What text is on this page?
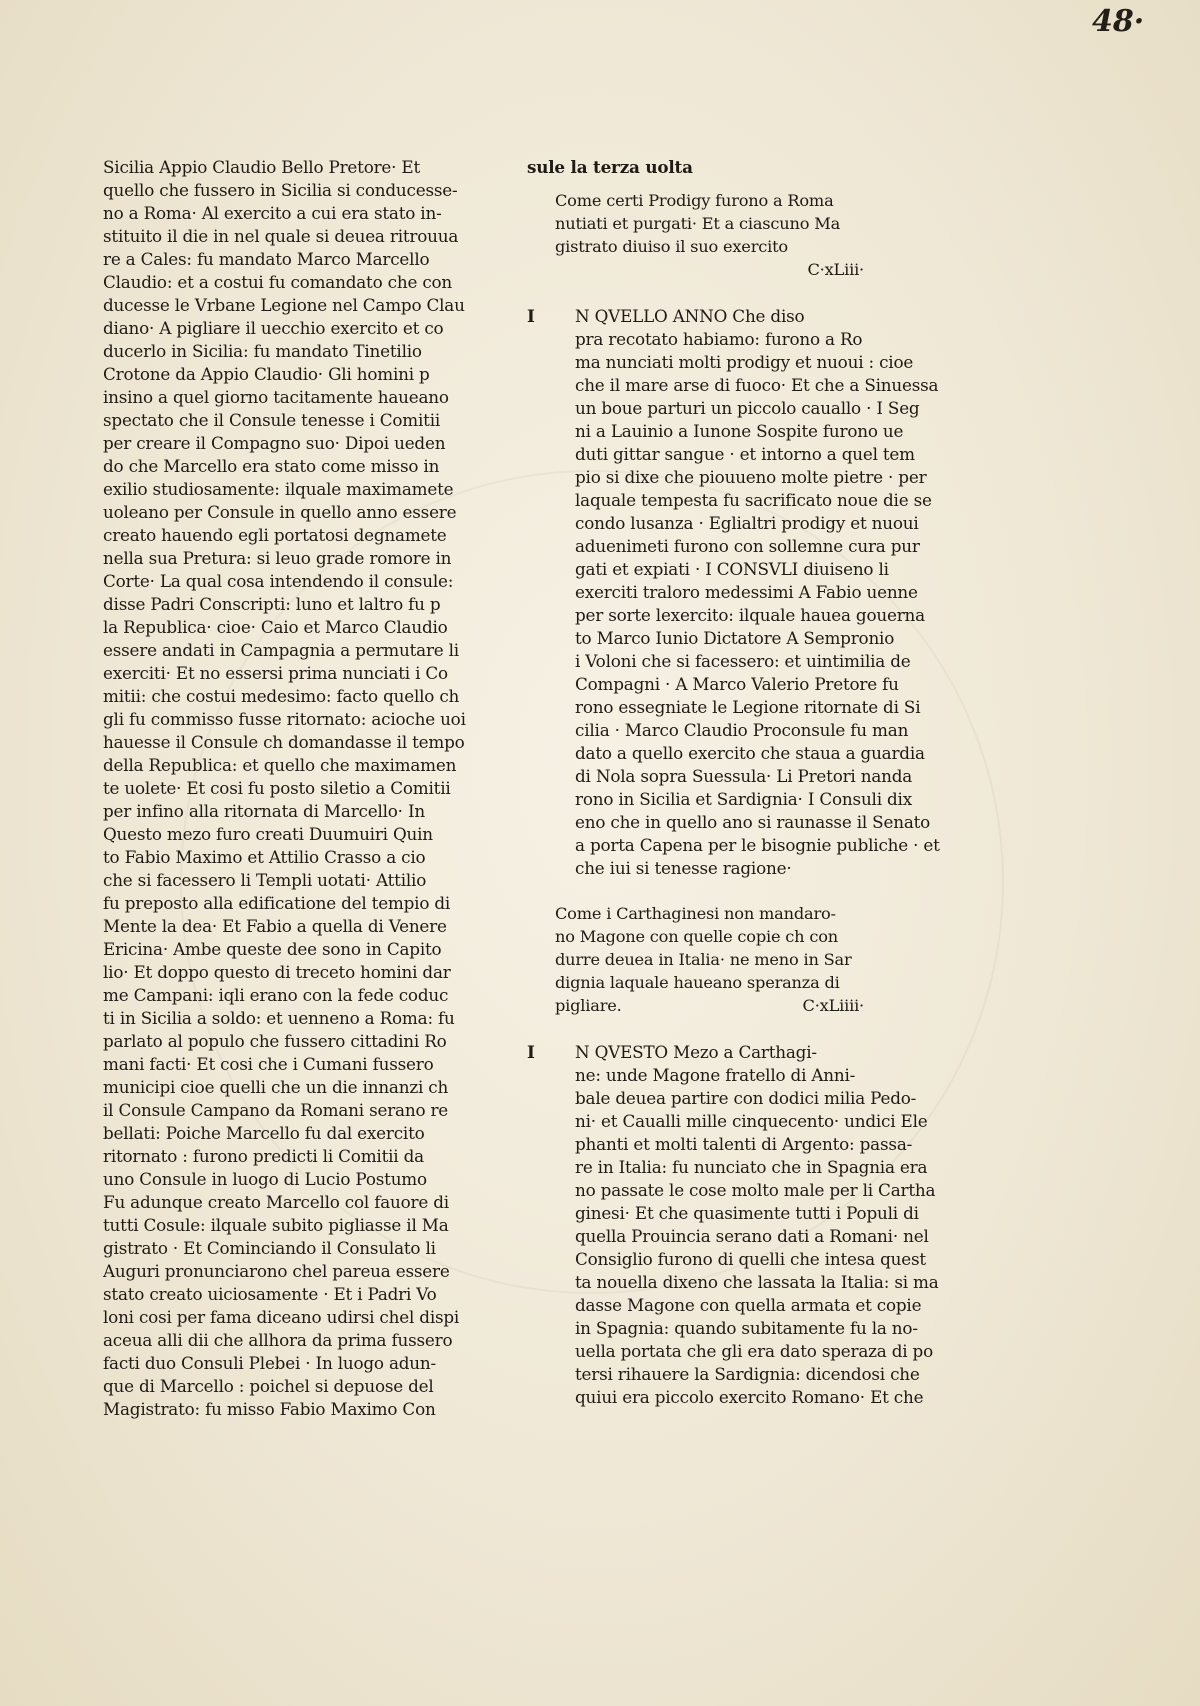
48·
Sicilia Appio Claudio Bello Pretore· Et
quello che fussero in Sicilia si conducesse-
no a Roma· Al exercito a cui era stato in-
stituito il die in nel quale si deuea ritrouua
re a Cales: fu mandato Marco Marcello
Claudio: et a costui fu comandato che con
ducesse le Vrbane Legione nel Campo Clau
diano· A pigliare il uecchio exercito et co
ducerlo in Sicilia: fu mandato Tinetilio
Crotone da Appio Claudio· Gli homini p
insino a quel giorno tacitamente haueano
spectato che il Consule tenesse i Comitii
per creare il Compagno suo· Dipoi ueden
do che Marcello era stato come misso in
exilio studiosamente: ilquale maximamete
uoleano per Consule in quello anno essere
creato hauendo egli portatosi degnamete
nella sua Pretura: si leuo grade romore in
Corte· La qual cosa intendendo il consule:
disse Padri Conscripti: luno et laltro fu p
la Republica· cioe· Caio et Marco Claudio
essere andati in Campagnia a permutare li
exerciti· Et no essersi prima nunciati i Co
mitii: che costui medesimo: facto quello ch
gli fu commisso fusse ritornato: acioche uoi
hauesse il Consule ch domandasse il tempo
della Republica: et quello che maximamen
te uolete· Et cosi fu posto siletio a Comitii
per infino alla ritornata di Marcello· In
Questo mezo furo creati Duumuiri Quin
to Fabio Maximo et Attilio Crasso a cio
che si facessero li Templi uotati· Attilio
fu preposto alla edificatione del tempio di
Mente la dea· Et Fabio a quella di Venere
Ericina· Ambe queste dee sono in Capito
lio· Et doppo questo di treceto homini dar
me Campani: iqli erano con la fede coduc
ti in Sicilia a soldo: et uenneno a Roma: fu
parlato al populo che fussero cittadini Ro
mani facti· Et cosi che i Cumani fussero
municipi cioe quelli che un die innanzi ch
il Consule Campano da Romani serano re
bellati: Poiche Marcello fu dal exercito
ritornato : furono predicti li Comitii da
uno Consule in luogo di Lucio Postumo
Fu adunque creato Marcello col fauore di
tutti Cosule: ilquale subito pigliasse il Ma
gistrato · Et Cominciando il Consulato li
Auguri pronunciarono chel pareua essere
stato creato uiciosamente · Et i Padri Vo
loni cosi per fama diceano udirsi chel dispi
aceua alli dii che allhora da prima fussero
facti duo Consuli Plebei · In luogo adun-
que di Marcello : poichel si depuose del
Magistrato: fu misso Fabio Maximo Con
sule la terza uolta
Come certi Prodigy furono a Roma
nutiati et purgati· Et a ciascuno Ma
gistrato diuiso il suo exercito
C·xLiii·
I N QVELLO ANNO Che diso
pra recotato habiamo: furono a Ro
ma nunciati molti prodigy et nuoui : cioe
che il mare arse di fuoco· Et che a Sinuessa
un boue parturi un piccolo cauallo · I Seg
ni a Lauinio a Iunone Sospite furono ue
duti gittar sangue · et intorno a quel tem
pio si dixe che piouueno molte pietre · per
laquale tempesta fu sacrificato noue die se
condo lusanza · Eglialtri prodigy et nuoui
aduenimeti furono con sollemne cura pur
gati et expiati · I CONSVLI diuiseno li
exerciti traloro medessimi A Fabio uenne
per sorte lexercito: ilquale hauea gouerna
to Marco Iunio Dictatore A Sempronio
i Voloni che si facessero: et uintimilia de
Compagni · A Marco Valerio Pretore fu
rono essegniate le Legione ritornate di Si
cilia · Marco Claudio Proconsule fu man
dato a quello exercito che staua a guardia
di Nola sopra Suessula· Li Pretori nanda
rono in Sicilia et Sardignia· I Consuli dix
eno che in quello ano si raunasse il Senato
a porta Capena per le bisognie publiche · et
che iui si tenesse ragione·
Come i Carthaginesi non mandaro-
no Magone con quelle copie ch con
durre deuea in Italia· ne meno in Sar
dignia laquale haueano speranza di
pigliare.	C·xLiiii·
I N QVESTO Mezo a Carthagi-
ne: unde Magone fratello di Anni-
bale deuea partire con dodici milia Pedo-
ni· et Caualli mille cinquecento· undici Ele
phanti et molti talenti di Argento: passa-
re in Italia: fu nunciato che in Spagnia era
no passate le cose molto male per li Cartha
ginesi· Et che quasimente tutti i Populi di
quella Prouincia serano dati a Romani· nel
Consiglio furono di quelli che intesa quest
ta nouella dixeno che lassata la Italia: si ma
dasse Magone con quella armata et copie
in Spagnia: quando subitamente fu la no-
uella portata che gli era dato speraza di po
tersi rihauere la Sardignia: dicendosi che
quiui era piccolo exercito Romano· Et che
